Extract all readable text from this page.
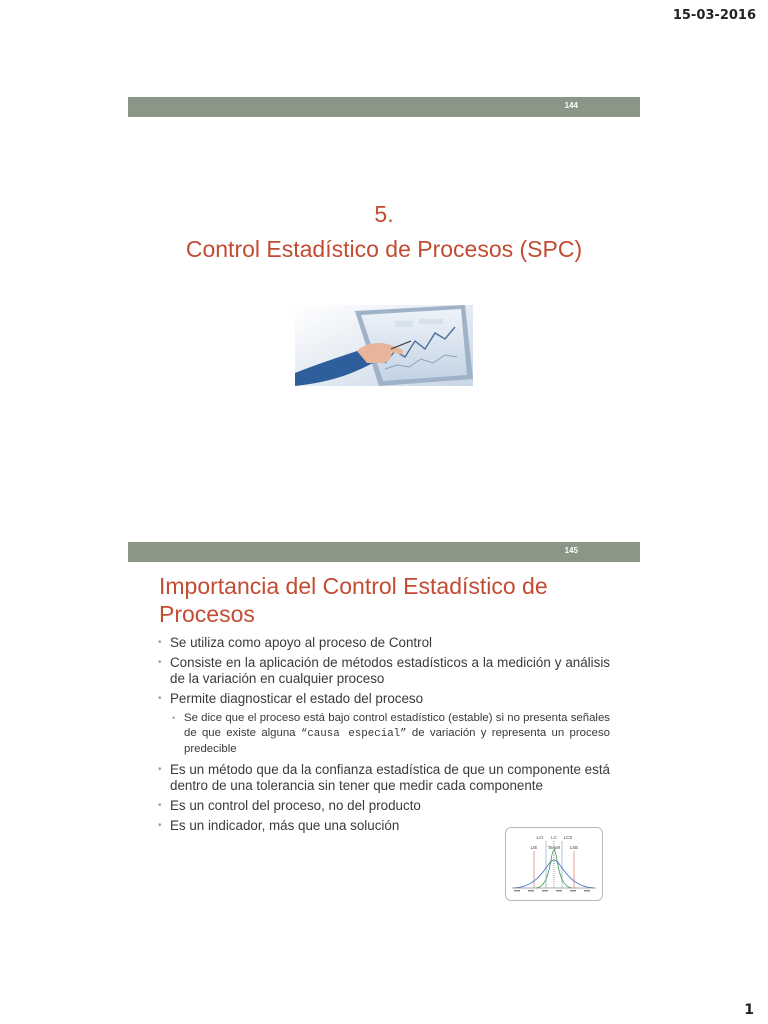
15-03-2016
144
5.
Control Estadístico de Procesos (SPC)
145
Importancia del Control Estadístico de Procesos
• Se utiliza como apoyo al proceso de Control
• Consiste en la aplicación de métodos estadísticos a la medición y análisis de la variación en cualquier proceso
• Permite diagnosticar el estado del proceso
• Se dice que el proceso está bajo control estadístico (estable) si no presenta señales de que existe alguna “causa especial” de variación y representa un proceso predecible
• Es un método que da la confianza estadística de que un componente está dentro de una tolerancia sin tener que medir cada componente
• Es un control del proceso, no del producto
• Es un indicador, más que una solución
LCI LC LCS
LIE Target LSE
1
